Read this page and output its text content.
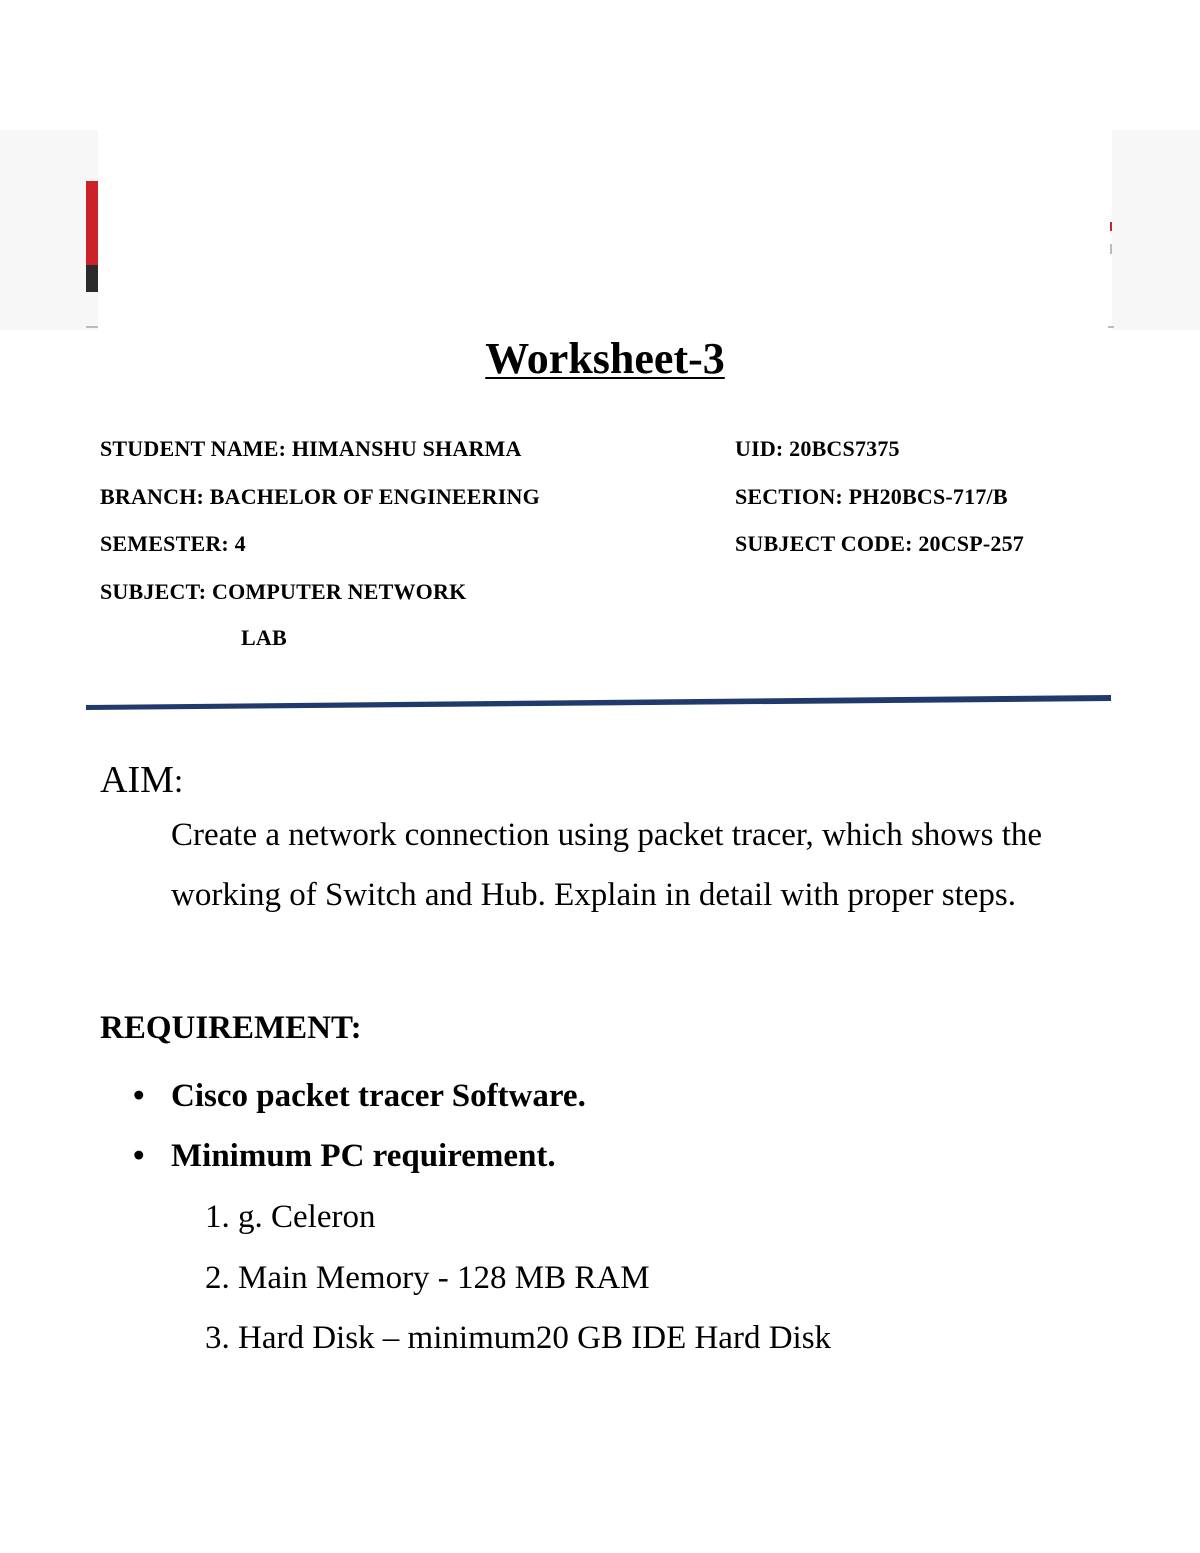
Worksheet-3
STUDENT NAME: HIMANSHU SHARMA	UID: 20BCS7375
BRANCH: BACHELOR OF ENGINEERING	SECTION: PH20BCS-717/B
SEMESTER: 4	SUBJECT CODE: 20CSP-257
SUBJECT: COMPUTER NETWORK
LAB
AIM:
Create a network connection using packet tracer, which shows the working of Switch and Hub. Explain in detail with proper steps.
REQUIREMENT:
• Cisco packet tracer Software.
• Minimum PC requirement.
1. g. Celeron
2. Main Memory - 128 MB RAM
3. Hard Disk – minimum20 GB IDE Hard Disk
